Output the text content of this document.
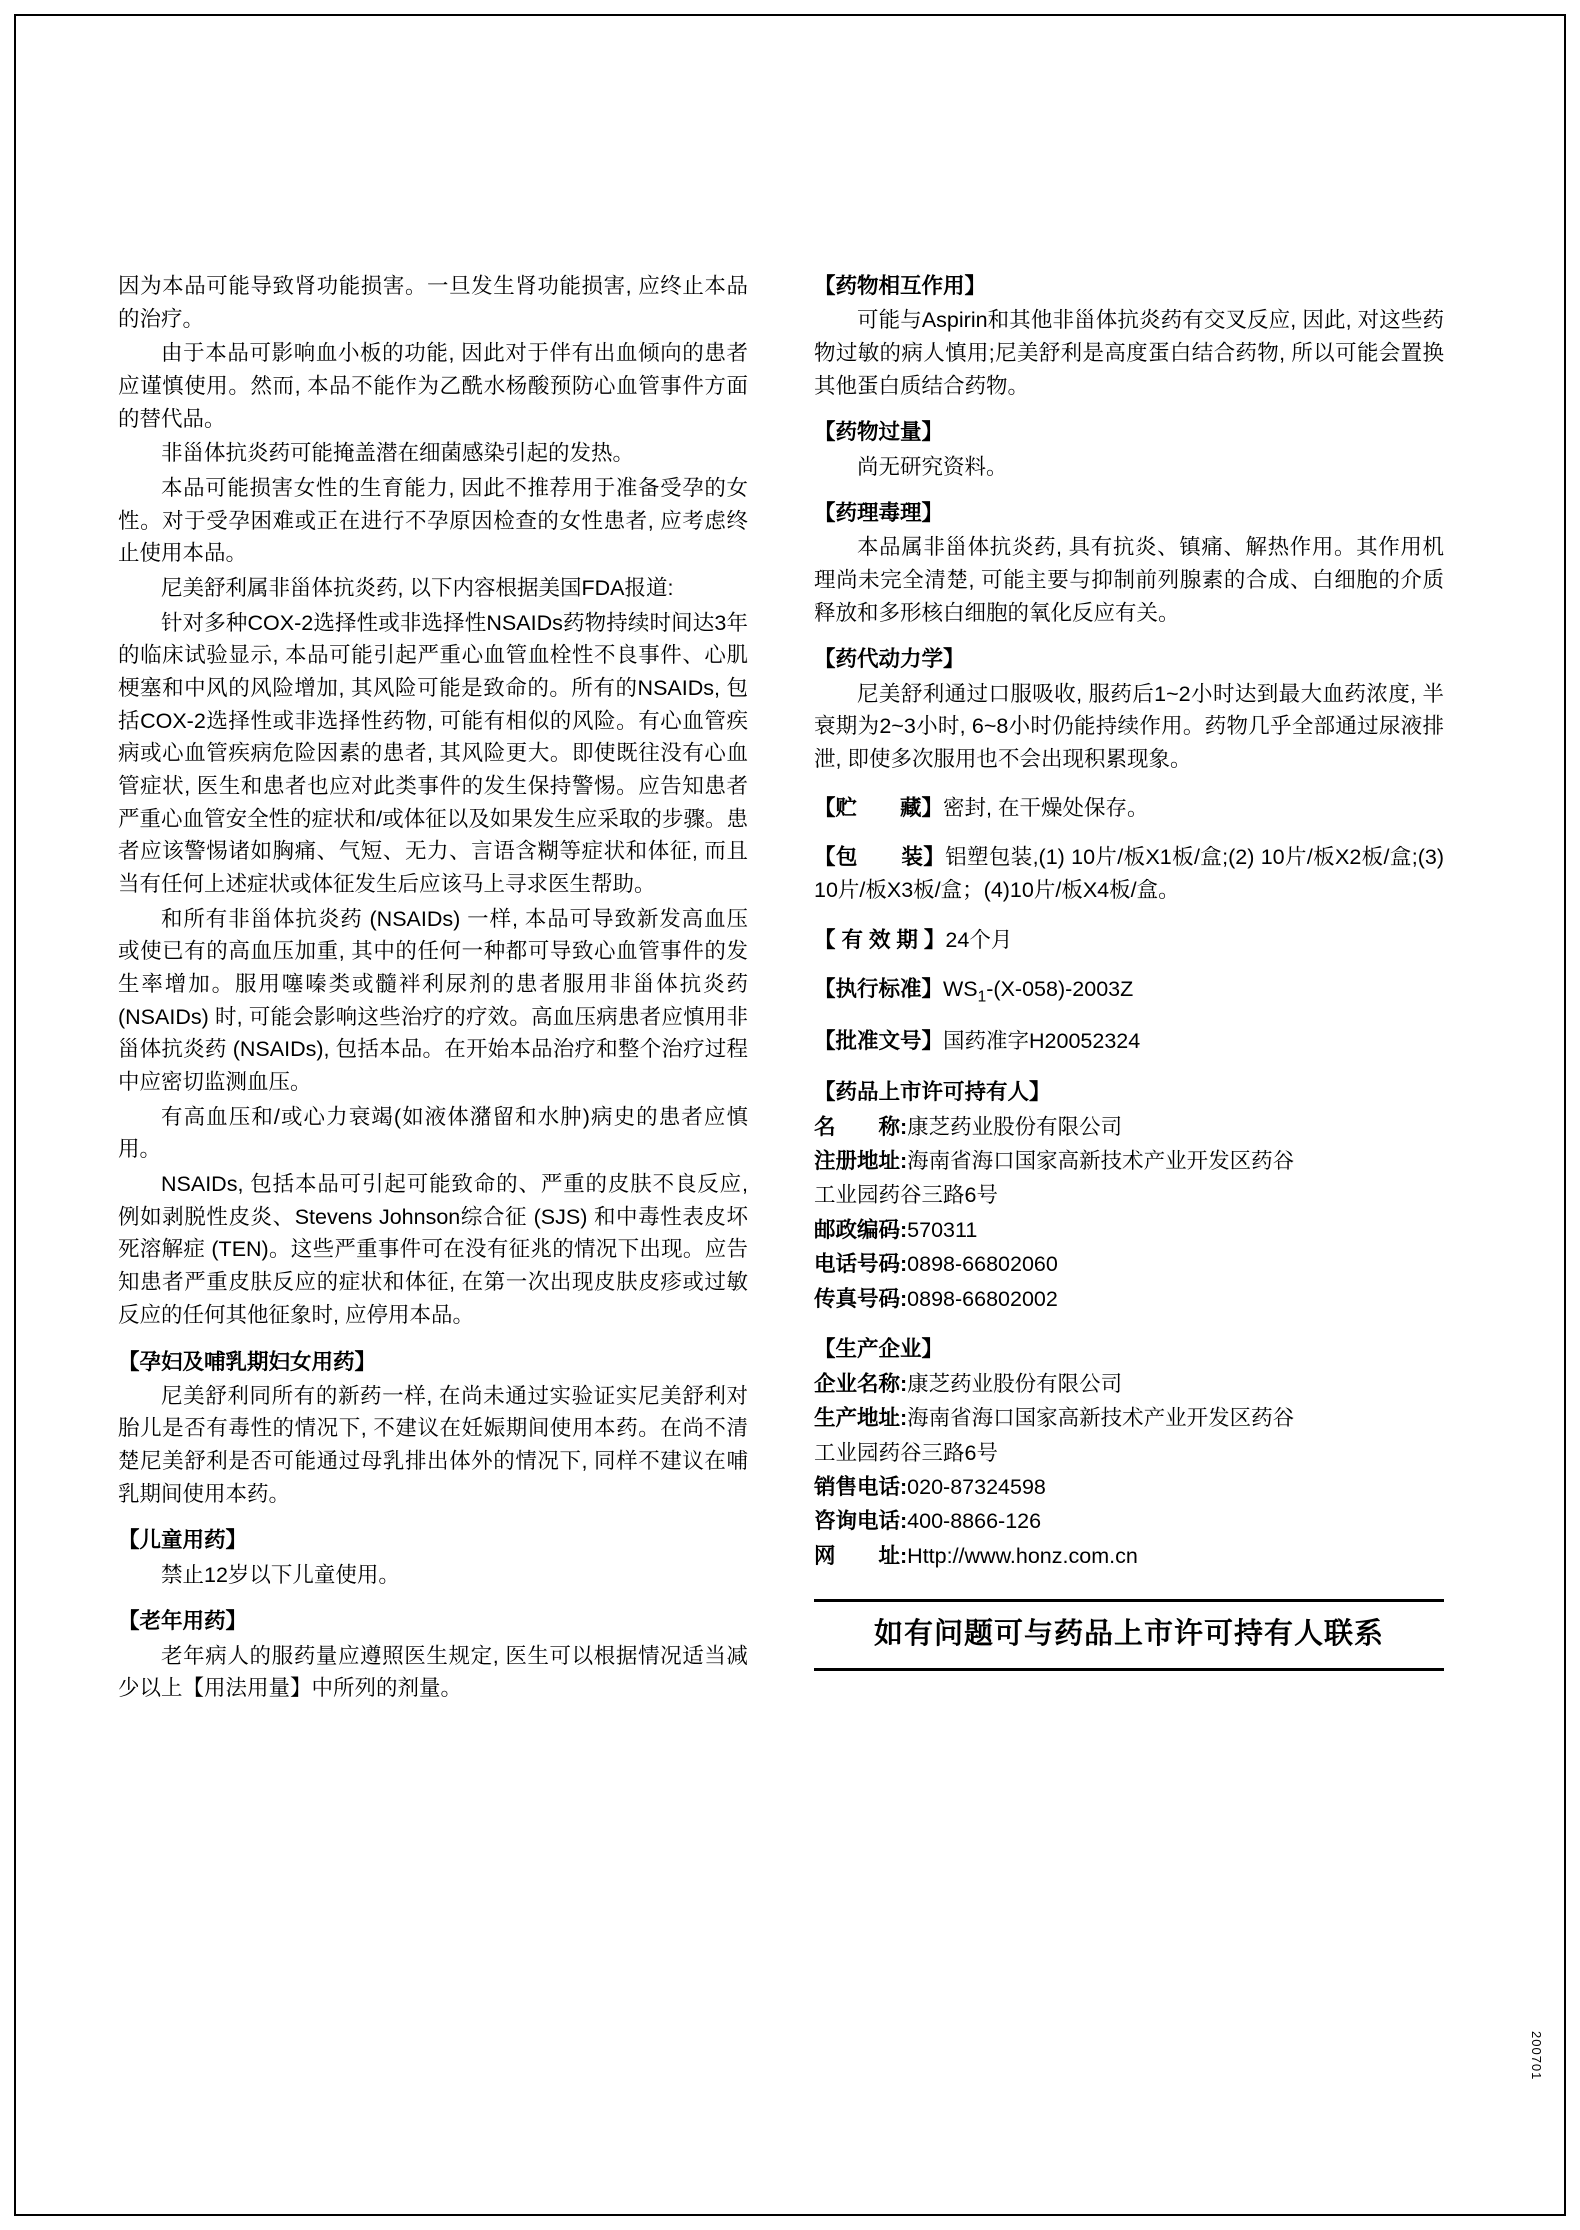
因为本品可能导致肾功能损害。一旦发生肾功能损害, 应终止本品的治疗。

由于本品可影响血小板的功能, 因此对于伴有出血倾向的患者应谨慎使用。然而, 本品不能作为乙酰水杨酸预防心血管事件方面的替代品。

非甾体抗炎药可能掩盖潜在细菌感染引起的发热。

本品可能损害女性的生育能力, 因此不推荐用于准备受孕的女性。对于受孕困难或正在进行不孕原因检查的女性患者, 应考虑终止使用本品。

尼美舒利属非甾体抗炎药, 以下内容根据美国FDA报道:

针对多种COX-2选择性或非选择性NSAIDs药物持续时间达3年的临床试验显示, 本品可能引起严重心血管血栓性不良事件、心肌梗塞和中风的风险增加, 其风险可能是致命的。所有的NSAIDs, 包括COX-2选择性或非选择性药物, 可能有相似的风险。有心血管疾病或心血管疾病危险因素的患者, 其风险更大。即使既往没有心血管症状, 医生和患者也应对此类事件的发生保持警惕。应告知患者严重心血管安全性的症状和/或体征以及如果发生应采取的步骤。患者应该警惕诸如胸痛、气短、无力、言语含糊等症状和体征, 而且当有任何上述症状或体征发生后应该马上寻求医生帮助。

和所有非甾体抗炎药 (NSAIDs) 一样, 本品可导致新发高血压或使已有的高血压加重, 其中的任何一种都可导致心血管事件的发生率增加。服用噻嗪类或髓袢利尿剂的患者服用非甾体抗炎药 (NSAIDs) 时, 可能会影响这些治疗的疗效。高血压病患者应慎用非甾体抗炎药 (NSAIDs), 包括本品。在开始本品治疗和整个治疗过程中应密切监测血压。

有高血压和/或心力衰竭(如液体潴留和水肿)病史的患者应慎用。

NSAIDs, 包括本品可引起可能致命的、严重的皮肤不良反应, 例如剥脱性皮炎、Stevens Johnson综合征 (SJS) 和中毒性表皮坏死溶解症 (TEN)。这些严重事件可在没有征兆的情况下出现。应告知患者严重皮肤反应的症状和体征, 在第一次出现皮肤皮疹或过敏反应的任何其他征象时, 应停用本品。

【孕妇及哺乳期妇女用药】

尼美舒利同所有的新药一样, 在尚未通过实验证实尼美舒利对胎儿是否有毒性的情况下, 不建议在妊娠期间使用本药。在尚不清楚尼美舒利是否可能通过母乳排出体外的情况下, 同样不建议在哺乳期间使用本药。

【儿童用药】

禁止12岁以下儿童使用。

【老年用药】

老年病人的服药量应遵照医生规定, 医生可以根据情况适当减少以上【用法用量】中所列的剂量。

【药物相互作用】

可能与Aspirin和其他非甾体抗炎药有交叉反应, 因此, 对这些药物过敏的病人慎用;尼美舒利是高度蛋白结合药物, 所以可能会置换其他蛋白质结合药物。

【药物过量】

尚无研究资料。

【药理毒理】

本品属非甾体抗炎药, 具有抗炎、镇痛、解热作用。其作用机理尚未完全清楚, 可能主要与抑制前列腺素的合成、白细胞的介质释放和多形核白细胞的氧化反应有关。

【药代动力学】

尼美舒利通过口服吸收, 服药后1~2小时达到最大血药浓度, 半衰期为2~3小时, 6~8小时仍能持续作用。药物几乎全部通过尿液排泄, 即使多次服用也不会出现积累现象。

【贮　　藏】密封, 在干燥处保存。

【包　　装】铝塑包装,(1) 10片/板X1板/盒;(2) 10片/板X2板/盒;(3) 10片/板X3板/盒；(4)10片/板X4板/盒。

【 有 效 期 】24个月

【执行标准】$WS_1-(X-058)-2003Z$

【批准文号】国药准字H20052324

【药品上市许可持有人】

名　　称:康芝药业股份有限公司

注册地址:海南省海口国家高新技术产业开发区药谷

工业园药谷三路6号

邮政编码:570311

电话号码:0898-66802060

传真号码:0898-66802002

【生产企业】

企业名称:康芝药业股份有限公司

生产地址:海南省海口国家高新技术产业开发区药谷

工业园药谷三路6号

销售电话:020-87324598

咨询电话:400-8866-126

网　　址:Http://www.honz.com.cn

如有问题可与药品上市许可持有人联系

200701
